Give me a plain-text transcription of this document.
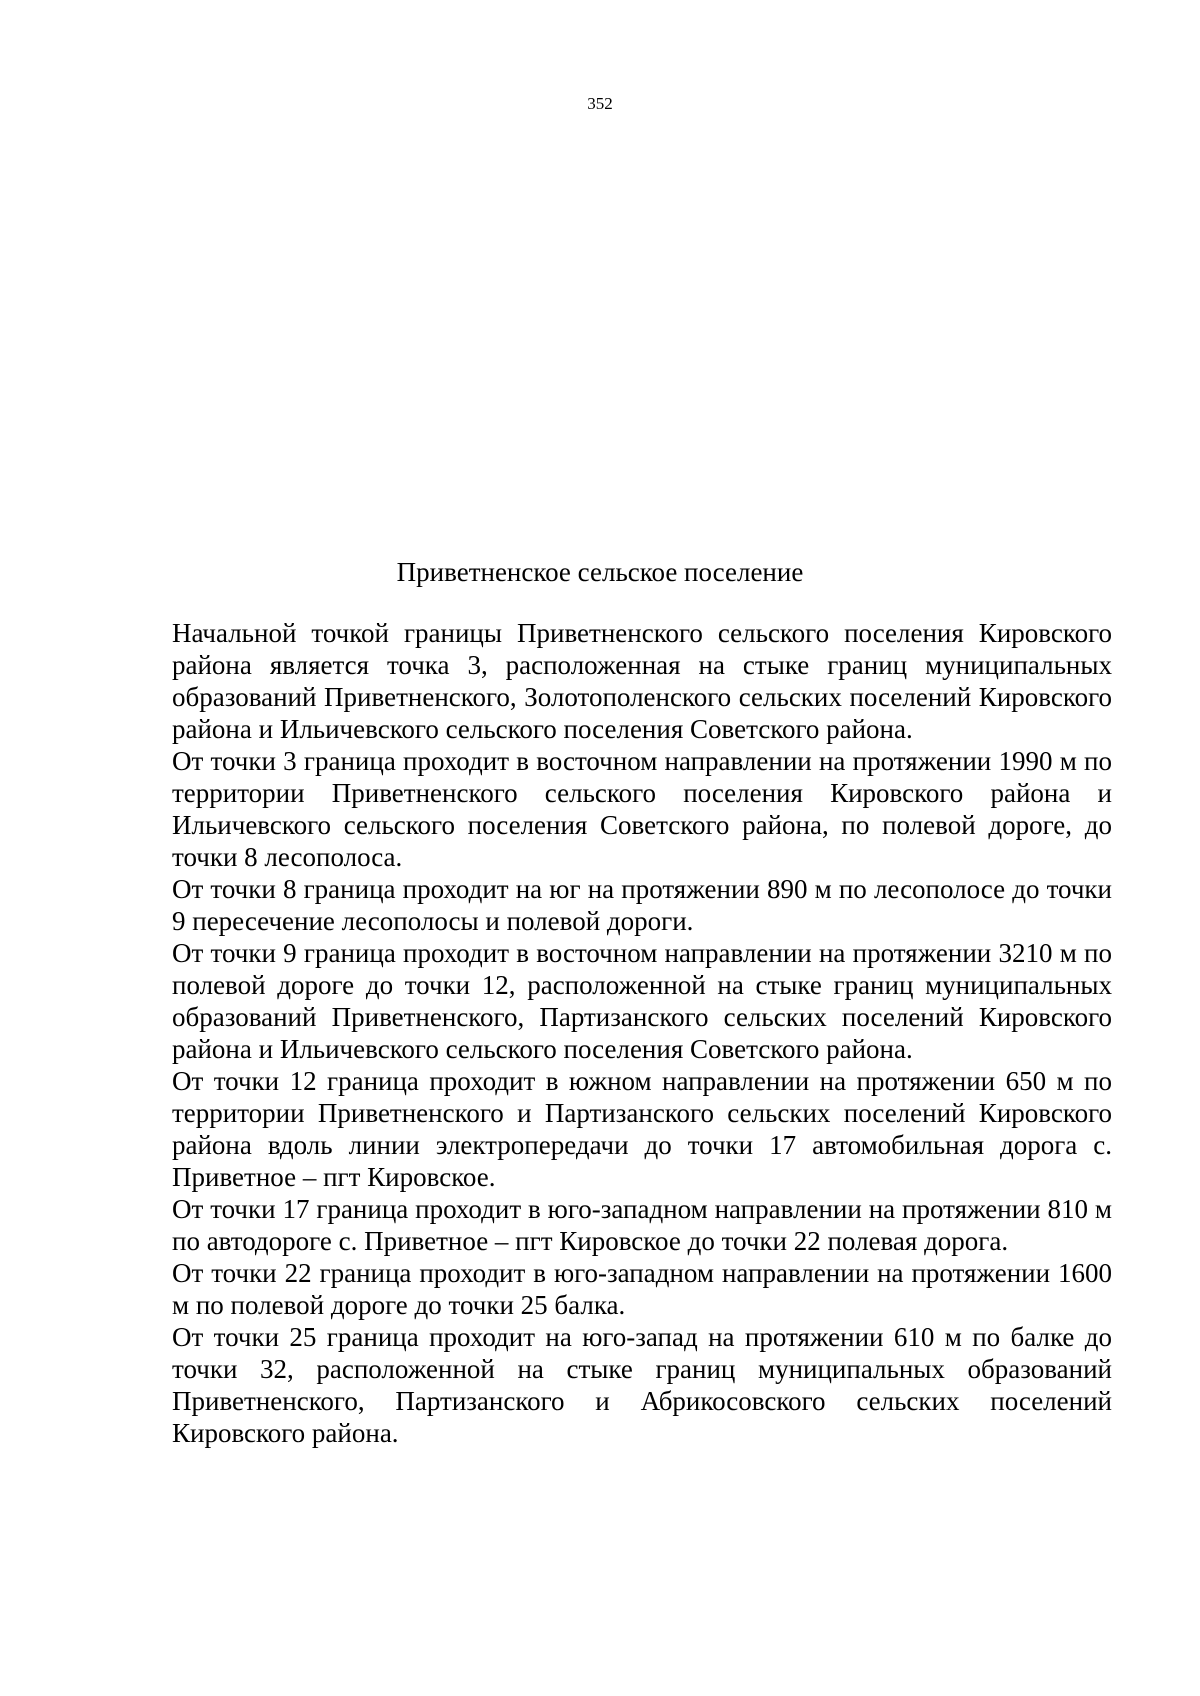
352
Приветненское сельское поселение

Начальной точкой границы Приветненского сельского поселения Кировского района является точка 3, расположенная на стыке границ муниципальных образований Приветненского, Золотополенского сельских поселений Кировского района и Ильичевского сельского поселения Советского района.

От точки 3 граница проходит в восточном направлении на протяжении 1990 м по территории Приветненского сельского поселения Кировского района и Ильичевского сельского поселения Советского района, по полевой дороге, до точки 8 лесополоса.

От точки 8 граница проходит на юг на протяжении 890 м по лесополосе до точки 9 пересечение лесополосы и полевой дороги.

От точки 9 граница проходит в восточном направлении на протяжении 3210 м по полевой дороге до точки 12, расположенной на стыке границ муниципальных образований Приветненского, Партизанского сельских поселений Кировского района и Ильичевского сельского поселения Советского района.

От точки 12 граница проходит в южном направлении на протяжении 650 м по территории Приветненского и Партизанского сельских поселений Кировского района вдоль линии электропередачи до точки 17 автомобильная дорога с. Приветное – пгт Кировское.

От точки 17 граница проходит в юго-западном направлении на протяжении 810 м по автодороге с. Приветное – пгт Кировское до точки 22 полевая дорога.

От точки 22 граница проходит в юго-западном направлении на протяжении 1600 м по полевой дороге до точки 25 балка.

От точки 25 граница проходит на юго-запад на протяжении 610 м по балке до точки 32, расположенной на стыке границ муниципальных образований Приветненского, Партизанского и Абрикосовского сельских поселений Кировского района.
